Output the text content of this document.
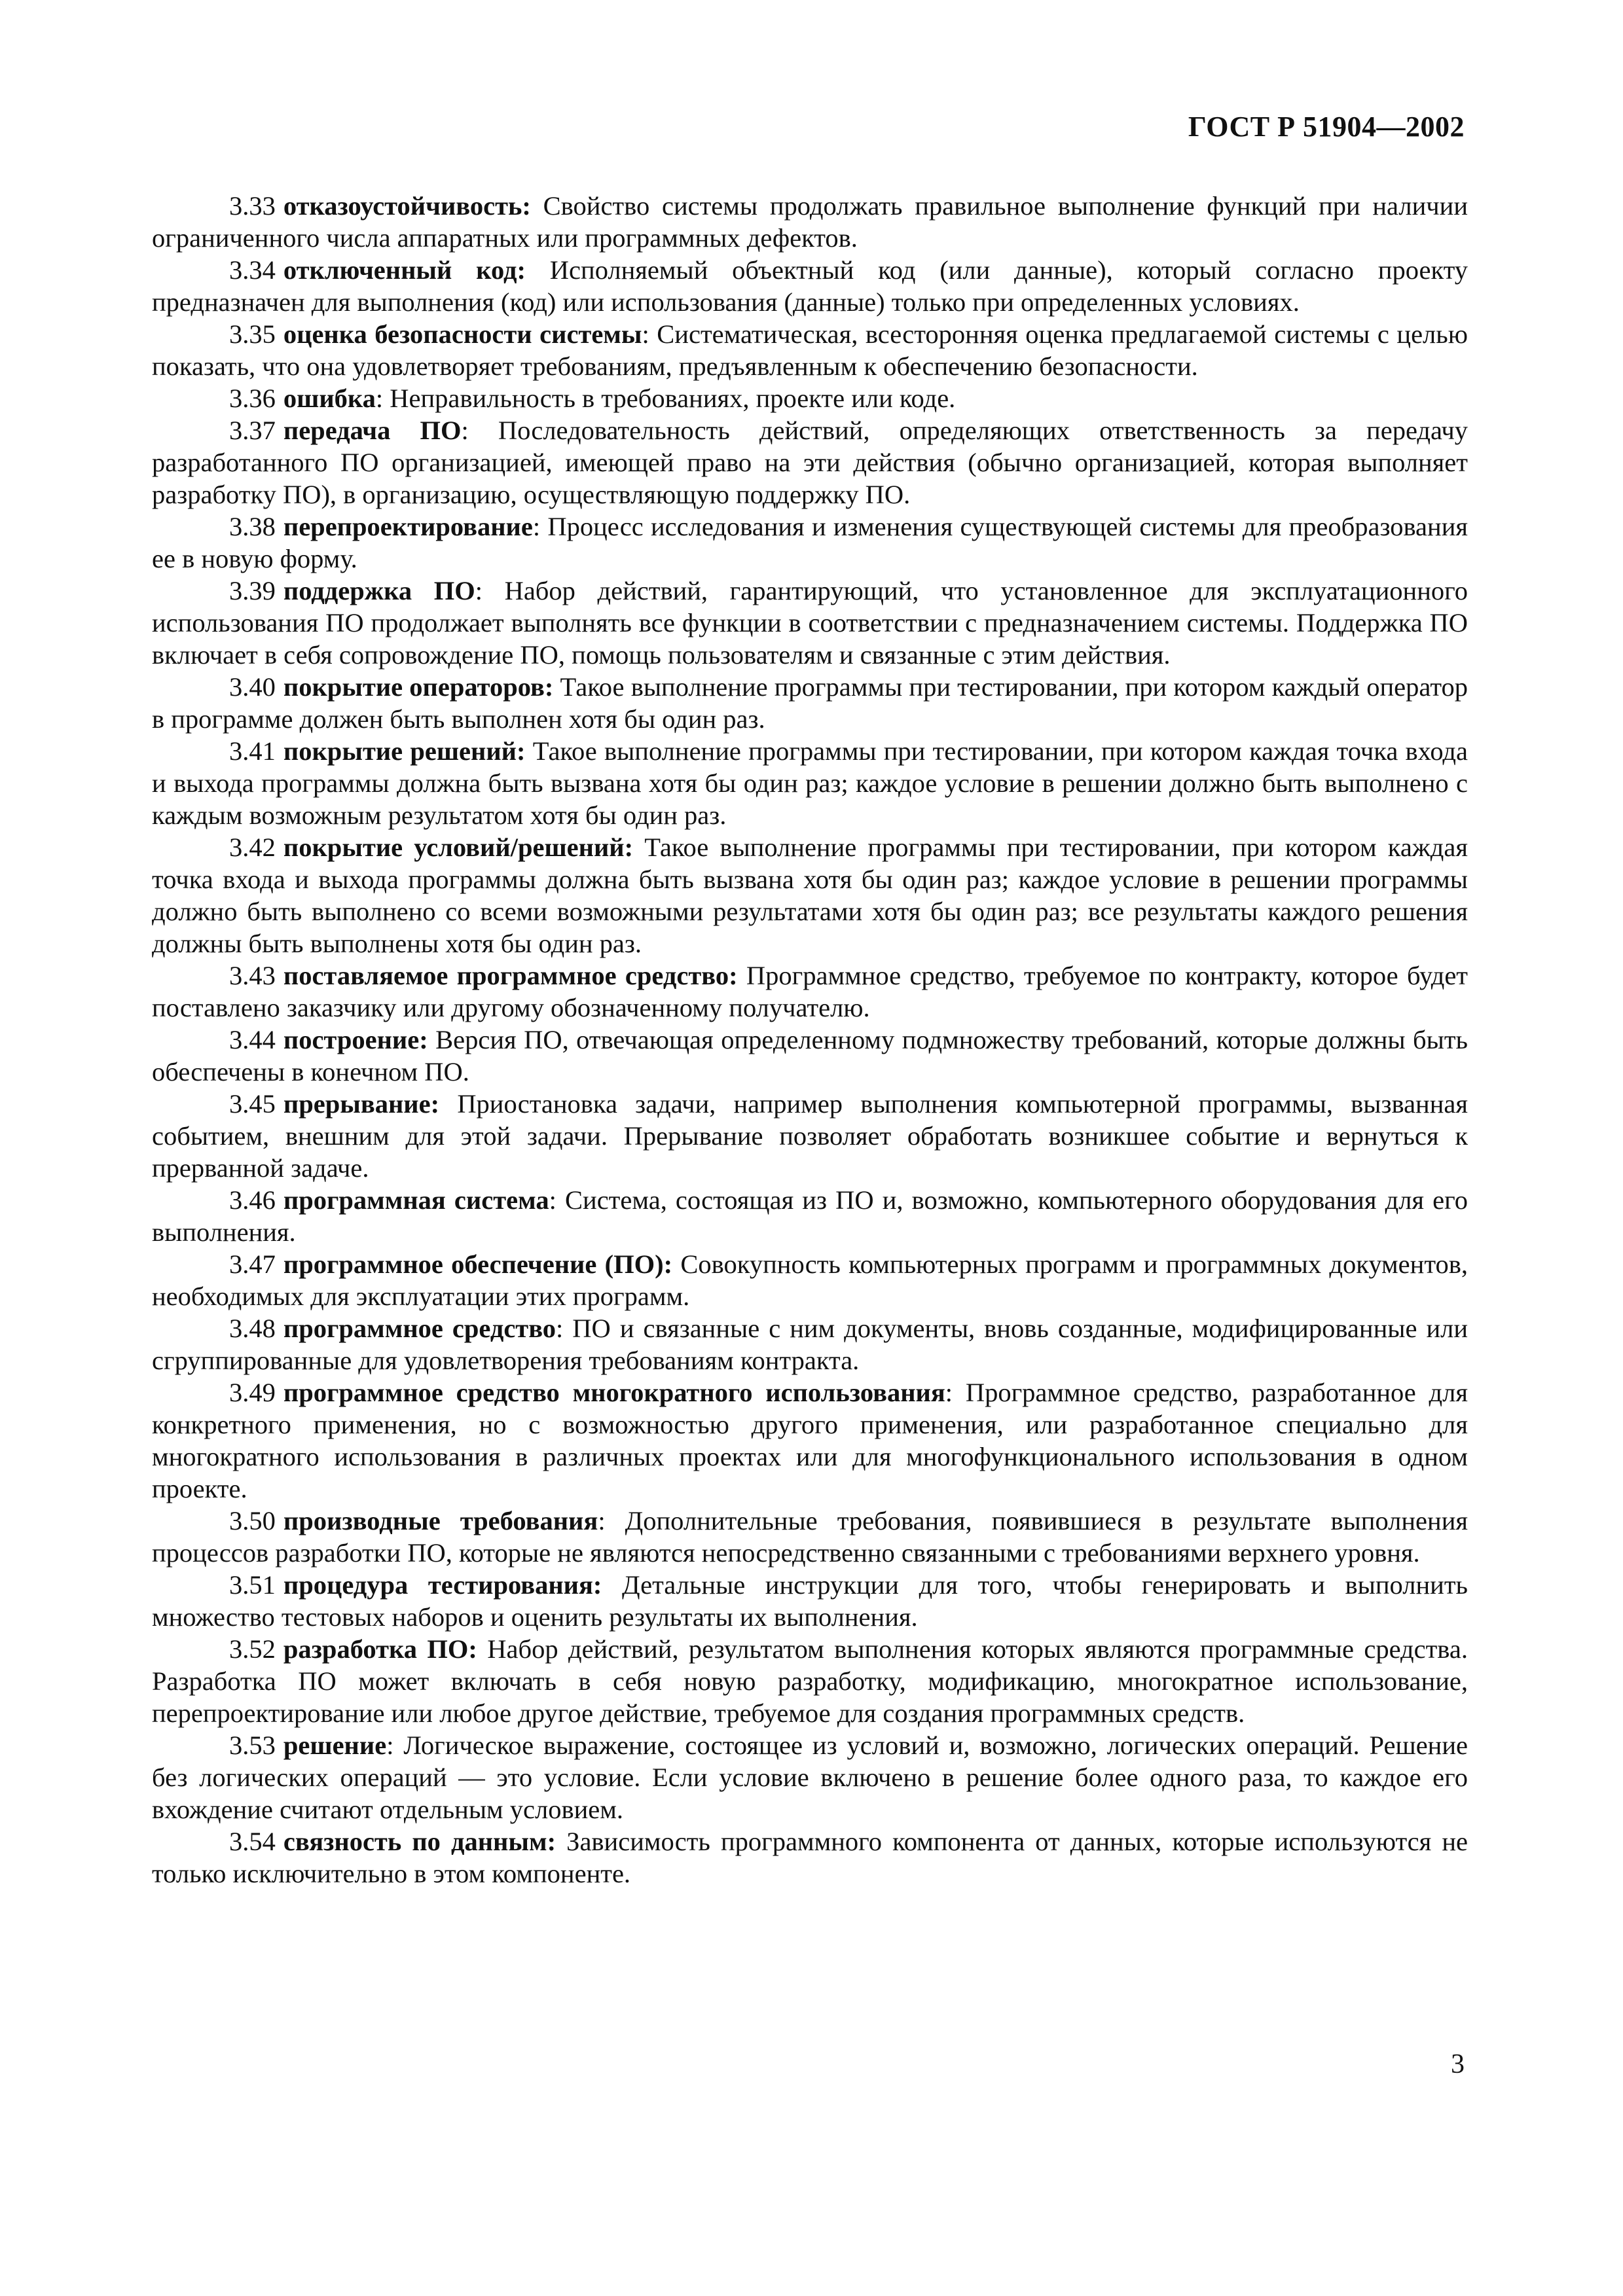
ГОСТ Р 51904—2002

3.33 отказоустойчивость: Свойство системы продолжать правильное выполнение функций при наличии ограниченного числа аппаратных или программных дефектов.

3.34 отключенный код: Исполняемый объектный код (или данные), который согласно проекту предназначен для выполнения (код) или использования (данные) только при определенных условиях.

3.35 оценка безопасности системы: Систематическая, всесторонняя оценка предлагаемой системы с целью показать, что она удовлетворяет требованиям, предъявленным к обеспечению безопасности.

3.36 ошибка: Неправильность в требованиях, проекте или коде.

3.37 передача ПО: Последовательность действий, определяющих ответственность за передачу разработанного ПО организацией, имеющей право на эти действия (обычно организацией, которая выполняет разработку ПО), в организацию, осуществляющую поддержку ПО.

3.38 перепроектирование: Процесс исследования и изменения существующей системы для преобразования ее в новую форму.

3.39 поддержка ПО: Набор действий, гарантирующий, что установленное для эксплуатационного использования ПО продолжает выполнять все функции в соответствии с предназначением системы. Поддержка ПО включает в себя сопровождение ПО, помощь пользователям и связанные с этим действия.

3.40 покрытие операторов: Такое выполнение программы при тестировании, при котором каждый оператор в программе должен быть выполнен хотя бы один раз.

3.41 покрытие решений: Такое выполнение программы при тестировании, при котором каждая точка входа и выхода программы должна быть вызвана хотя бы один раз; каждое условие в решении должно быть выполнено с каждым возможным результатом хотя бы один раз.

3.42 покрытие условий/решений: Такое выполнение программы при тестировании, при котором каждая точка входа и выхода программы должна быть вызвана хотя бы один раз; каждое условие в решении программы должно быть выполнено со всеми возможными результатами хотя бы один раз; все результаты каждого решения должны быть выполнены хотя бы один раз.

3.43 поставляемое программное средство: Программное средство, требуемое по контракту, которое будет поставлено заказчику или другому обозначенному получателю.

3.44 построение: Версия ПО, отвечающая определенному подмножеству требований, которые должны быть обеспечены в конечном ПО.

3.45 прерывание: Приостановка задачи, например выполнения компьютерной программы, вызванная событием, внешним для этой задачи. Прерывание позволяет обработать возникшее событие и вернуться к прерванной задаче.

3.46 программная система: Система, состоящая из ПО и, возможно, компьютерного оборудования для его выполнения.

3.47 программное обеспечение (ПО): Совокупность компьютерных программ и программных документов, необходимых для эксплуатации этих программ.

3.48 программное средство: ПО и связанные с ним документы, вновь созданные, модифицированные или сгруппированные для удовлетворения требованиям контракта.

3.49 программное средство многократного использования: Программное средство, разработанное для конкретного применения, но с возможностью другого применения, или разработанное специально для многократного использования в различных проектах или для многофункционального использования в одном проекте.

3.50 производные требования: Дополнительные требования, появившиеся в результате выполнения процессов разработки ПО, которые не являются непосредственно связанными с требованиями верхнего уровня.

3.51 процедура тестирования: Детальные инструкции для того, чтобы генерировать и выполнить множество тестовых наборов и оценить результаты их выполнения.

3.52 разработка ПО: Набор действий, результатом выполнения которых являются программные средства. Разработка ПО может включать в себя новую разработку, модификацию, многократное использование, перепроектирование или любое другое действие, требуемое для создания программных средств.

3.53 решение: Логическое выражение, состоящее из условий и, возможно, логических операций. Решение без логических операций — это условие. Если условие включено в решение более одного раза, то каждое его вхождение считают отдельным условием.

3.54 связность по данным: Зависимость программного компонента от данных, которые используются не только исключительно в этом компоненте.

3
